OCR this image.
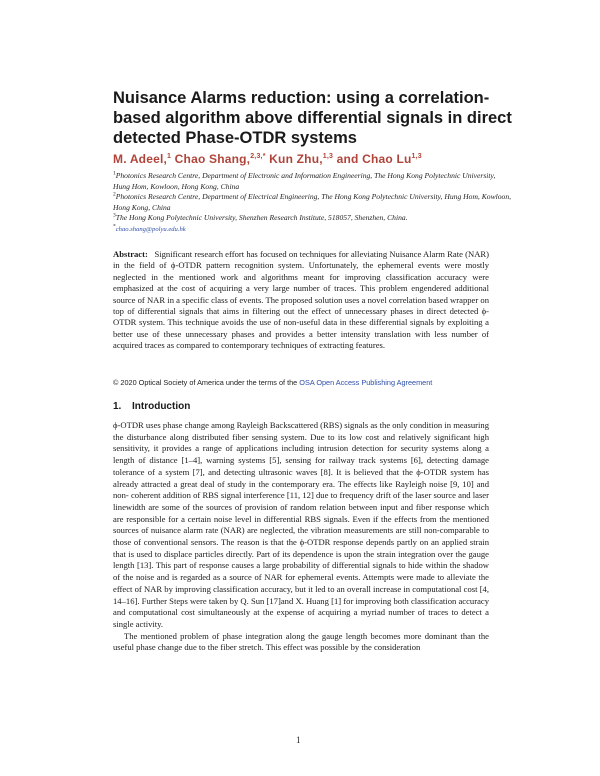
Nuisance Alarms reduction: using a correlation-based algorithm above differential signals in direct detected Phase-OTDR systems
M. Adeel,$^1$ Chao Shang,$^{2,3,*}$ Kun Zhu,$^{1,3}$ and Chao Lu$^{1,3}$

$^1$Photonics Research Centre, Department of Electronic and Information Engineering, The Hong Kong Polytechnic University, Hung Hom, Kowloon, Hong Kong, China

$^2$Photonics Research Centre, Department of Electrical Engineering, The Hong Kong Polytechnic University, Hung Hom, Kowloon, Hong Kong, China

$^3$The Hong Kong Polytechnic University, Shenzhen Research Institute, 518057, Shenzhen, China.

*chao.shang@polyu.edu.hk

Abstract: Significant research effort has focused on techniques for alleviating Nuisance Alarm Rate (NAR) in the field of ϕ-OTDR pattern recognition system. Unfortunately, the ephemeral events were mostly neglected in the mentioned work and algorithms meant for improving classification accuracy were emphasized at the cost of acquiring a very large number of traces. This problem engendered additional source of NAR in a specific class of events. The proposed solution uses a novel correlation based wrapper on top of differential signals that aims in filtering out the effect of unnecessary phases in direct detected ϕ-OTDR system. This technique avoids the use of non-useful data in these differential signals by exploiting a better use of these unnecessary phases and provides a better intensity translation with less number of acquired traces as compared to contemporary techniques of extracting features.

© 2020 Optical Society of America under the terms of the OSA Open Access Publishing Agreement
1. Introduction

ϕ-OTDR uses phase change among Rayleigh Backscattered (RBS) signals as the only condition in measuring the disturbance along distributed fiber sensing system. Due to its low cost and relatively significant high sensitivity, it provides a range of applications including intrusion detection for security systems along a length of distance [1–4], warning systems [5], sensing for railway track systems [6], detecting damage tolerance of a system [7], and detecting ultrasonic waves [8]. It is believed that the ϕ-OTDR system has already attracted a great deal of study in the contemporary era. The effects like Rayleigh noise [9, 10] and non- coherent addition of RBS signal interference [11, 12] due to frequency drift of the laser source and laser linewidth are some of the sources of provision of random relation between input and fiber response which are responsible for a certain noise level in differential RBS signals. Even if the effects from the mentioned sources of nuisance alarm rate (NAR) are neglected, the vibration measurements are still non-comparable to those of conventional sensors. The reason is that the ϕ-OTDR response depends partly on an applied strain that is used to displace particles directly. Part of its dependence is upon the strain integration over the gauge length [13]. This part of response causes a large probability of differential signals to hide within the shadow of the noise and is regarded as a source of NAR for ephemeral events. Attempts were made to alleviate the effect of NAR by improving classification accuracy, but it led to an overall increase in computational cost [4, 14–16]. Further Steps were taken by Q. Sun [17]and X. Huang [1] for improving both classification accuracy and computational cost simultaneously at the expense of acquiring a myriad number of traces to detect a single activity.

The mentioned problem of phase integration along the gauge length becomes more dominant than the useful phase change due to the fiber stretch. This effect was possible by the consideration

1
